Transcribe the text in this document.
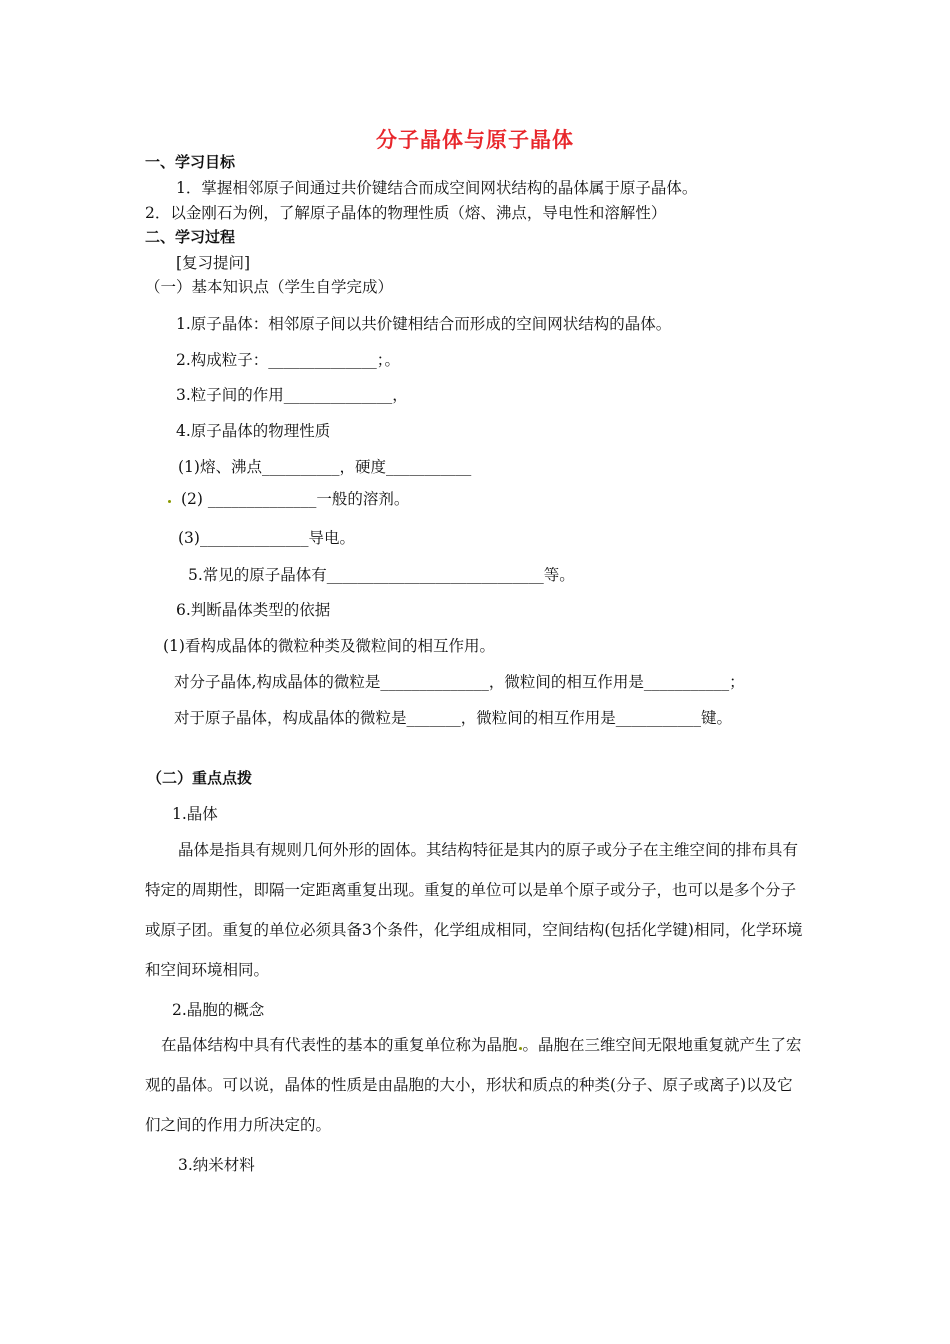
分子晶体与原子晶体
一、学习目标
1．掌握相邻原子间通过共价键结合而成空间网状结构的晶体属于原子晶体。
2．以金刚石为例，了解原子晶体的物理性质（熔、沸点，导电性和溶解性）
二、学习过程
[复习提问]
（一）基本知识点（学生自学完成）
1.原子晶体：相邻原子间以共价键相结合而形成的空间网状结构的晶体。
2.构成粒子：______________；。
3.粒子间的作用______________，
4.原子晶体的物理性质
(1)熔、沸点__________，硬度___________
(2) ______________一般的溶剂。
(3)______________导电。
5.常见的原子晶体有____________________________等。
6.判断晶体类型的依据
(1)看构成晶体的微粒种类及微粒间的相互作用。
对分子晶体,构成晶体的微粒是______________，微粒间的相互作用是___________；
对于原子晶体，构成晶体的微粒是_______，微粒间的相互作用是___________键。
（二）重点点拨
1.晶体
晶体是指具有规则几何外形的固体。其结构特征是其内的原子或分子在主维空间的排布具有特定的周期性，即隔一定距离重复出现。重复的单位可以是单个原子或分子，也可以是多个分子或原子团。重复的单位必须具备3个条件，化学组成相同，空间结构(包括化学键)相同，化学环境和空间环境相同。
2.晶胞的概念
在晶体结构中具有代表性的基本的重复单位称为晶胞 。晶胞在三维空间无限地重复就产生了宏观的晶体。可以说，晶体的性质是由晶胞的大小，形状和质点的种类(分子、原子或离子)以及它们之间的作用力所决定的。
3.纳米材料
